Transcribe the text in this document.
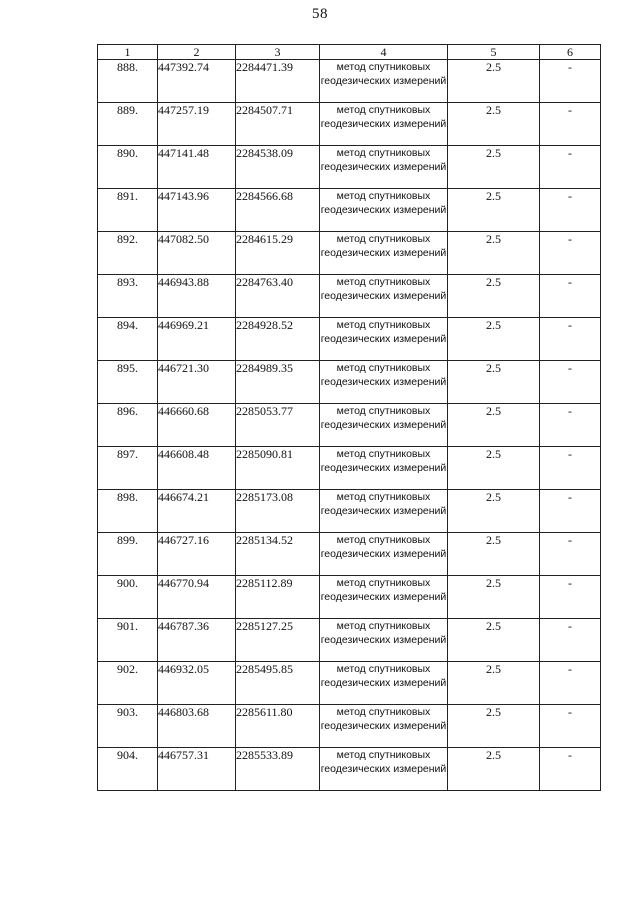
58
1	2	3	4	5	6
888.	447392.74	2284471.39	метод спутниковых геодезических измерений	2.5	-
889.	447257.19	2284507.71	метод спутниковых геодезических измерений	2.5	-
890.	447141.48	2284538.09	метод спутниковых геодезических измерений	2.5	-
891.	447143.96	2284566.68	метод спутниковых геодезических измерений	2.5	-
892.	447082.50	2284615.29	метод спутниковых геодезических измерений	2.5	-
893.	446943.88	2284763.40	метод спутниковых геодезических измерений	2.5	-
894.	446969.21	2284928.52	метод спутниковых геодезических измерений	2.5	-
895.	446721.30	2284989.35	метод спутниковых геодезических измерений	2.5	-
896.	446660.68	2285053.77	метод спутниковых геодезических измерений	2.5	-
897.	446608.48	2285090.81	метод спутниковых геодезических измерений	2.5	-
898.	446674.21	2285173.08	метод спутниковых геодезических измерений	2.5	-
899.	446727.16	2285134.52	метод спутниковых геодезических измерений	2.5	-
900.	446770.94	2285112.89	метод спутниковых геодезических измерений	2.5	-
901.	446787.36	2285127.25	метод спутниковых геодезических измерений	2.5	-
902.	446932.05	2285495.85	метод спутниковых геодезических измерений	2.5	-
903.	446803.68	2285611.80	метод спутниковых геодезических измерений	2.5	-
904.	446757.31	2285533.89	метод спутниковых геодезических измерений	2.5	-
